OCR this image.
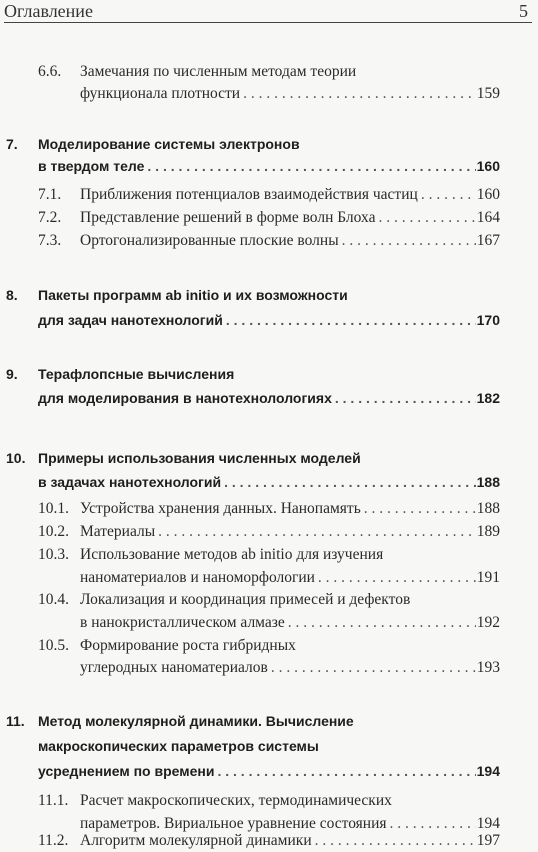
Оглавление	5
6.6. Замечания по численным методам теории
функционала плотности . . .	159
7. Моделирование системы электронов
в твердом теле . . .	160
7.1. Приближения потенциалов взаимодействия частиц . . .	160
7.2. Представление решений в форме волн Блоха . . .	164
7.3. Ортогонализированные плоские волны . . .	167
8. Пакеты программ ab initio и их возможности
для задач нанотехнологий . . .	170
9. Терафлопсные вычисления
для моделирования в нанотехнолологиях . . .	182
10. Примеры использования численных моделей
в задачах нанотехнологий . . .	188
10.1. Устройства хранения данных. Нанопамять . . .	188
10.2. Материалы . . .	189
10.3. Использование методов ab initio для изучения
наноматериалов и наноморфологии . . .	191
10.4. Локализация и координация примесей и дефектов
в нанокристаллическом алмазе . . .	192
10.5. Формирование роста гибридных
углеродных наноматериалов . . .	193
11. Метод молекулярной динамики. Вычисление
макроскопических параметров системы
усреднением по времени . . .	194
11.1. Расчет макроскопических, термодинамических
параметров. Вириальное уравнение состояния . . .	194
11.2. Алгоритм молекулярной динамики . . .	197
